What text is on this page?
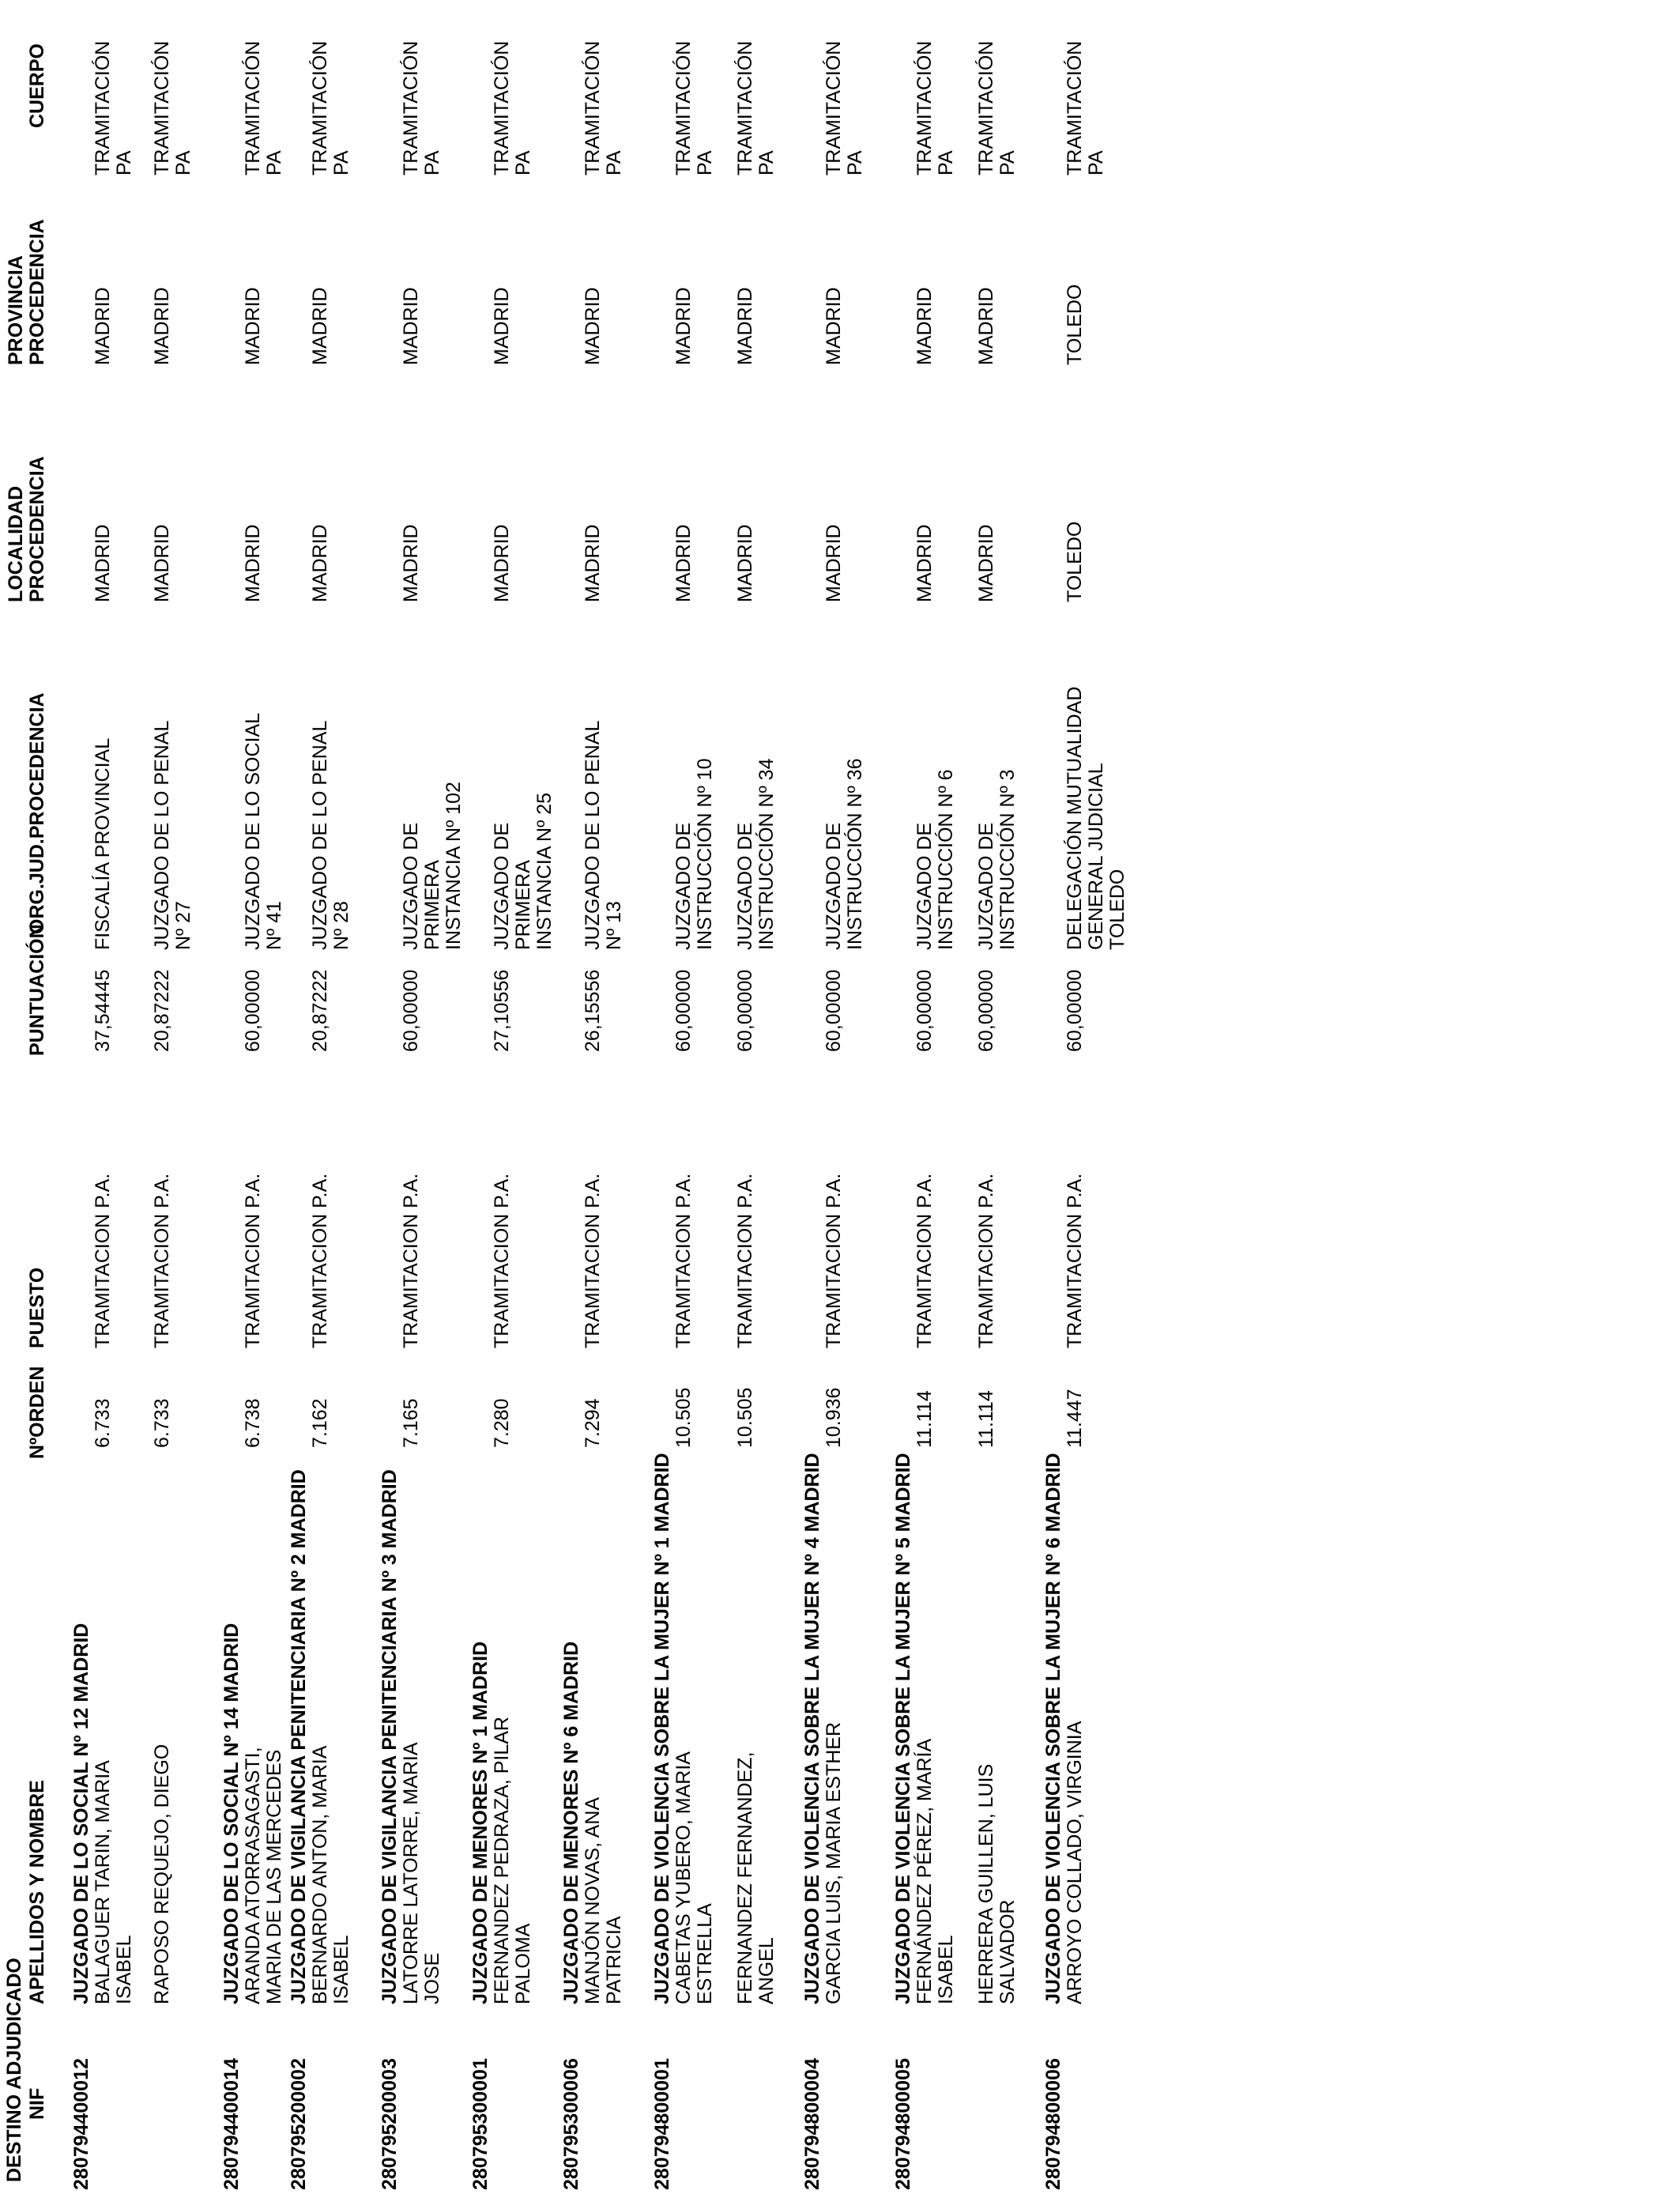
DESTINO ADJUDICADO NIF
APELLIDOS Y NOMBRE
NºORDEN
PUESTO
PUNTUACIÓN
ORG.JUD.PROCEDENCIA
LOCALIDAD PROCEDENCIA
PROVINCIA PROCEDENCIA
CUERPO
280794400012
JUZGADO DE LO SOCIAL Nº 12 MADRID BALAGUER TARIN, MARIA ISABEL
6.733
TRAMITACION P.A.
37,54445
FISCALÍA PROVINCIAL
MADRID
MADRID
TRAMITACIÓN PA
RAPOSO REQUEJO, DIEGO
6.733
TRAMITACION P.A.
20,87222
JUZGADO DE LO PENAL Nº 27
MADRID
MADRID
TRAMITACIÓN PA
280794400014
JUZGADO DE LO SOCIAL Nº 14 MADRID ARANDA ATORRASAGASTI, MARIA DE LAS MERCEDES
6.738
TRAMITACION P.A.
60,00000
JUZGADO DE LO SOCIAL Nº 41
MADRID
MADRID
TRAMITACIÓN PA
280795200002
JUZGADO DE VIGILANCIA PENITENCIARIA Nº 2 MADRID BERNARDO ANTON, MARIA ISABEL
7.162
TRAMITACION P.A.
20,87222
JUZGADO DE LO PENAL Nº 28
MADRID
MADRID
TRAMITACIÓN PA
280795200003
JUZGADO DE VIGILANCIA PENITENCIARIA Nº 3 MADRID LATORRE LATORRE, MARIA JOSE
7.165
TRAMITACION P.A.
60,00000
JUZGADO DE PRIMERA INSTANCIA Nº 102
MADRID
MADRID
TRAMITACIÓN PA
280795300001
JUZGADO DE MENORES Nº 1 MADRID FERNANDEZ PEDRAZA, PILAR PALOMA
7.280
TRAMITACION P.A.
27,10556
JUZGADO DE PRIMERA INSTANCIA Nº 25
MADRID
MADRID
TRAMITACIÓN PA
280795300006
JUZGADO DE MENORES Nº 6 MADRID MANJÓN NOVAS, ANA PATRICIA
7.294
TRAMITACION P.A.
26,15556
JUZGADO DE LO PENAL Nº 13
MADRID
MADRID
TRAMITACIÓN PA
280794800001
JUZGADO DE VIOLENCIA SOBRE LA MUJER Nº 1 MADRID CABETAS YUBERO, MARIA ESTRELLA
10.505
TRAMITACION P.A.
60,00000
JUZGADO DE INSTRUCCIÓN Nº 10
MADRID
MADRID
TRAMITACIÓN PA
FERNANDEZ FERNANDEZ, ANGEL
10.505
TRAMITACION P.A.
60,00000
JUZGADO DE INSTRUCCIÓN Nº 34
MADRID
MADRID
TRAMITACIÓN PA
280794800004
JUZGADO DE VIOLENCIA SOBRE LA MUJER Nº 4 MADRID GARCIA LUIS, MARIA ESTHER
10.936
TRAMITACION P.A.
60,00000
JUZGADO DE INSTRUCCIÓN Nº 36
MADRID
MADRID
TRAMITACIÓN PA
280794800005
JUZGADO DE VIOLENCIA SOBRE LA MUJER Nº 5 MADRID FERNÁNDEZ PÉREZ, MARÍA ISABEL
11.114
TRAMITACION P.A.
60,00000
JUZGADO DE INSTRUCCIÓN Nº 6
MADRID
MADRID
TRAMITACIÓN PA
HERRERA GUILLEN, LUIS SALVADOR
11.114
TRAMITACION P.A.
60,00000
JUZGADO DE INSTRUCCIÓN Nº 3
MADRID
MADRID
TRAMITACIÓN PA
280794800006
JUZGADO DE VIOLENCIA SOBRE LA MUJER Nº 6 MADRID ARROYO COLLADO, VIRGINIA
11.447
TRAMITACION P.A.
60,00000
DELEGACIÓN MUTUALIDAD GENERAL JUDICIAL TOLEDO
TOLEDO
TOLEDO
TRAMITACIÓN PA
